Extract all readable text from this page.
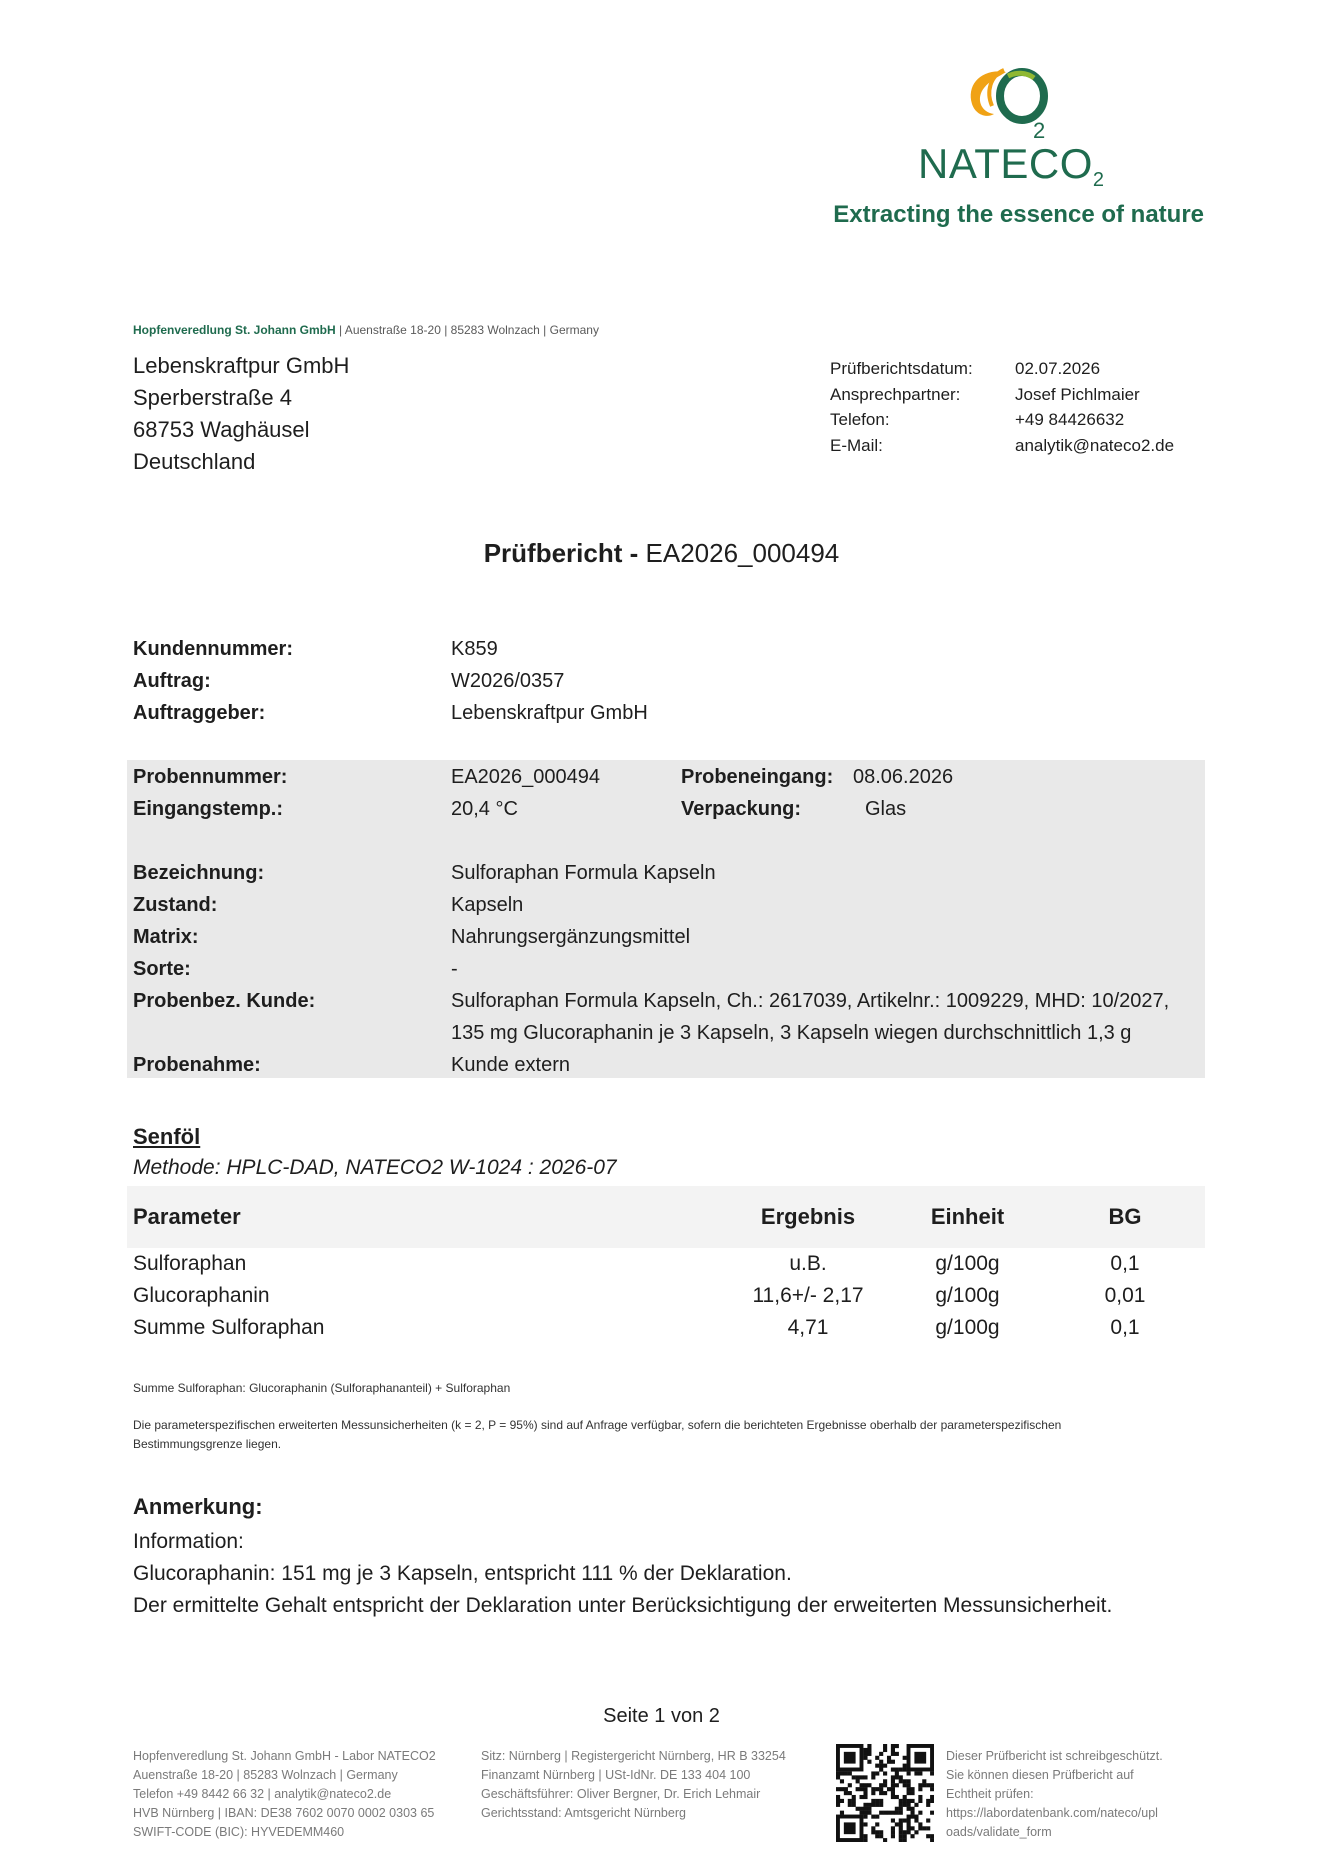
2
$NATECO_2$
Extracting the essence of nature
Hopfenveredlung St. Johann GmbH | Auenstraße 18-20 | 85283 Wolnzach | Germany
Lebenskraftpur GmbH
Sperberstraße 4
68753 Waghäusel
Deutschland
Prüfberichtsdatum:	02.07.2026
Ansprechpartner:	Josef Pichlmaier
Telefon:	+49 84426632
E-Mail:	analytik@nateco2.de
Prüfbericht - EA2026_000494
Kundennummer:	K859
Auftrag:	W2026/0357
Auftraggeber:	Lebenskraftpur GmbH
Probennummer:	EA2026_000494	Probeneingang: 08.06.2026
Eingangstemp.:	20,4 °C	Verpackung:	Glas
Bezeichnung:	Sulforaphan Formula Kapseln
Zustand:	Kapseln
Matrix:	Nahrungsergänzungsmittel
Sorte:	-
Probenbez. Kunde:	Sulforaphan Formula Kapseln, Ch.: 2617039, Artikelnr.: 1009229, MHD: 10/2027,
135 mg Glucoraphanin je 3 Kapseln, 3 Kapseln wiegen durchschnittlich 1,3 g
Probenahme:	Kunde extern
Senföl
Methode: HPLC-DAD, NATECO2 W-1024 : 2026-07
Parameter	Ergebnis	Einheit	BG
Sulforaphan	u.B.	g/100g	0,1
Glucoraphanin	11,6+/- 2,17	g/100g	0,01
Summe Sulforaphan	4,71	g/100g	0,1
Summe Sulforaphan: Glucoraphanin (Sulforaphananteil) + Sulforaphan
Die parameterspezifischen erweiterten Messunsicherheiten (k = 2, P = 95%) sind auf Anfrage verfügbar, sofern die berichteten Ergebnisse oberhalb der parameterspezifischen
Bestimmungsgrenze liegen.
Anmerkung:
Information:
Glucoraphanin: 151 mg je 3 Kapseln, entspricht 111 % der Deklaration.
Der ermittelte Gehalt entspricht der Deklaration unter Berücksichtigung der erweiterten Messunsicherheit.
Seite 1 von 2
Hopfenveredlung St. Johann GmbH - Labor NATECO2
Auenstraße 18-20 | 85283 Wolnzach | Germany
Telefon +49 8442 66 32 | analytik@nateco2.de
HVB Nürnberg | IBAN: DE38 7602 0070 0002 0303 65
SWIFT-CODE (BIC): HYVEDEMM460
Sitz: Nürnberg | Registergericht Nürnberg, HR B 33254
Finanzamt Nürnberg | USt-IdNr. DE 133 404 100
Geschäftsführer: Oliver Bergner, Dr. Erich Lehmair
Gerichtsstand: Amtsgericht Nürnberg
Dieser Prüfbericht ist schreibgeschützt.
Sie können diesen Prüfbericht auf
Echtheit prüfen:
https://labordatenbank.com/nateco/upl
oads/validate_form
